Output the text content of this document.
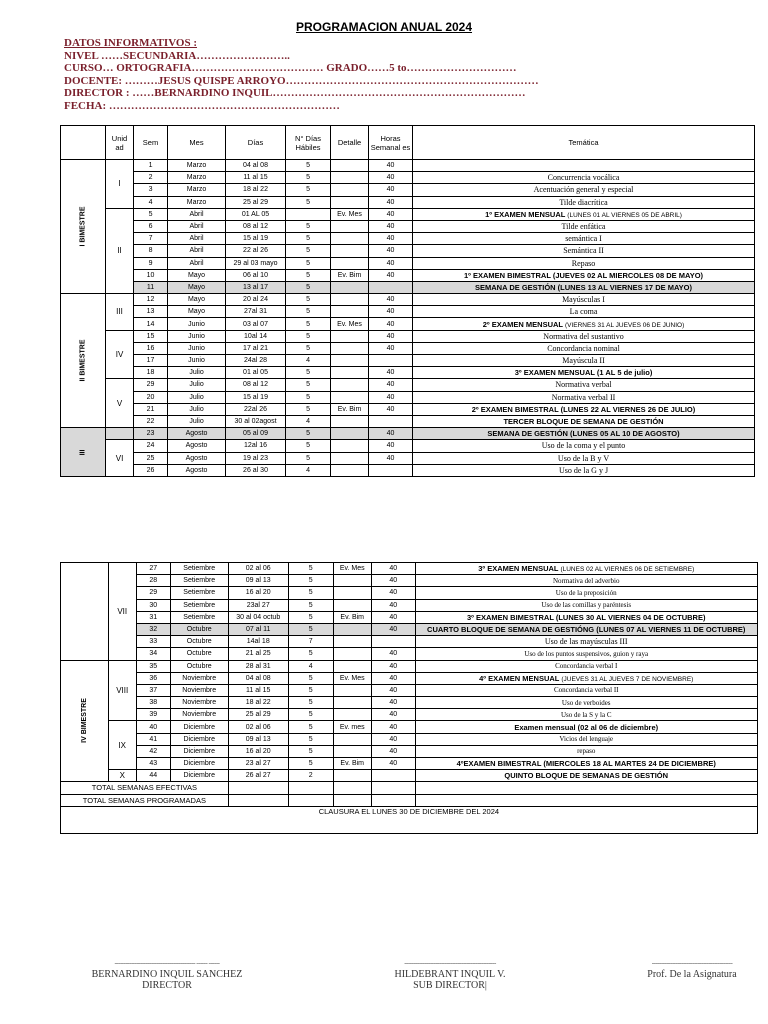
PROGRAMACION ANUAL 2024
DATOS INFORMATIVOS :
NIVEL ……SECUNDARIA……………………..
CURSO… ORTOGRAFIA……………………………… GRADO……5 to…………………………
DOCENTE: ………JESUS QUISPE ARROYO……………………………………………………………
DIRECTOR : ……BERNARDINO INQUIL……………………………………………………………
FECHA: ………………………………………………………
	Unid ad	Sem	Mes	Días	N° Días Hábiles	Detalle	Horas Semanal es	Temática

I BIMESTRE	I	1	Marzo	04 al 08	5		40	
		2	Marzo	11 al 15	5		40	Concurrencia vocálica
		3	Marzo	18 al 22	5		40	Acentuación general y especial
		4	Marzo	25 al 29	5		40	Tilde diacrítica
	II	5	Abril	01 AL 05		Ev. Mes	40	1º EXAMEN MENSUAL (LUNES 01 AL VIERNES 05 DE ABRIL)
		6	Abril	08 al 12	5		40	Tilde enfática
		7	Abril	15 al 19	5		40	semántica I
		8	Abril	22 al 26	5		40	Semántica II
		9	Abril	29 al 03 mayo	5		40	Repaso
		10	Mayo	06 al 10	5	Ev. Bim	40	1º EXAMEN BIMESTRAL (JUEVES 02 AL MIERCOLES 08 DE MAYO)
		11	Mayo	13 al 17	5			SEMANA DE GESTIÓN (LUNES 13 AL VIERNES 17 DE MAYO)

II BIMESTRE	III	12	Mayo	20 al 24	5		40	Mayúsculas I
		13	Mayo	27al 31	5		40	La coma
		14	Junio	03 al 07	5	Ev. Mes	40	2º EXAMEN MENSUAL (VIERNES 31 AL JUEVES 06 DE JUNIO)
	IV	15	Junio	10al 14	5		40	Normativa del sustantivo
		16	Junio	17 al 21	5		40	Concordancia nominal
		17	Junio	24al 28	4			Mayúscula II
		18	Julio	01 al 05	5		40	3º EXAMEN MENSUAL (1 AL 5 de julio)
	V	29	Julio	08 al 12	5		40	Normativa verbal
		20	Julio	15 al 19	5		40	Normativa verbal II
		21	Julio	22al 26	5	Ev. Bim	40	2º EXAMEN BIMESTRAL (LUNES 22 AL VIERNES 26 DE JULIO)
		22	Julio	30 al 02agost	4			TERCER BLOQUE DE SEMANA DE GESTIÓN

III		23	Agosto	05 al 09	5		40	SEMANA DE GESTIÓN (LUNES 05 AL 10 DE AGOSTO)
	VI	24	Agosto	12al 16	5		40	Uso de la coma y el punto
		25	Agosto	19 al 23	5		40	Uso de la B y V
		26	Agosto	26 al 30	4			Uso de la G y J
	VII	27	Setiembre	02 al 06	5	Ev. Mes	40	3º EXAMEN MENSUAL (LUNES 02 AL VIERNES 06 DE SETIEMBRE)
		28	Setiembre	09 al 13	5		40	Normativa del adverbio
		29	Setiembre	16 al 20	5		40	Uso de la preposición
		30	Setiembre	23al 27	5		40	Uso de las comillas y paréntesis
		31	Setiembre	30 al 04 octub	5	Ev. Bim	40	3º EXAMEN BIMESTRAL (LUNES 30 AL VIERNES 04 DE OCTUBRE)
		32	Octubre	07 al 11	5		40	CUARTO BLOQUE DE SEMANA DE GESTIÓNG (LUNES 07 AL VIERNES 11 DE OCTUBRE)
		33	Octubre	14al 18	7			Uso de las mayúsculas III
		34	Octubre	21 al 25	5		40	Uso de los puntos suspensivos, guion y raya

IV BIMESTRE	VIII	35	Octubre	28 al 31	4		40	Concordancia verbal I
		36	Noviembre	04 al 08	5	Ev. Mes	40	4º EXAMEN MENSUAL (JUEVES 31 AL JUEVES 7 DE NOVIEMBRE)
		37	Noviembre	11 al 15	5		40	Concordancia verbal II
		38	Noviembre	18 al 22	5		40	Uso de verboides
		39	Noviembre	25 al 29	5		40	Uso de la S y la C
	IX	40	Diciembre	02 al 06	5	Ev. mes	40	Examen mensual (02 al 06 de diciembre)
		41	Diciembre	09 al 13	5		40	Vicios del lenguaje
		42	Diciembre	16 al 20	5		40	repaso
		43	Diciembre	23 al 27	5	Ev. Bim	40	4ºEXAMEN BIMESTRAL (MIERCOLES 18 AL MARTES 24 DE DICIEMBRE)
	X	44	Diciembre	26 al 27	2			QUINTO BLOQUE DE SEMANAS DE GESTIÓN
TOTAL SEMANAS EFECTIVAS								
TOTAL SEMANAS PROGRAMADAS								
CLAUSURA EL LUNES 30 DE DICIEMBRE DEL 2024								
-------------------------------------------- ------ ------
BERNARDINO INQUIL SANCHEZ
DIRECTOR
--------------------------------------------------
HILDEBRANT INQUIL V.
SUB DIRECTOR|
--------------------------------------------
Prof. De la Asignatura
